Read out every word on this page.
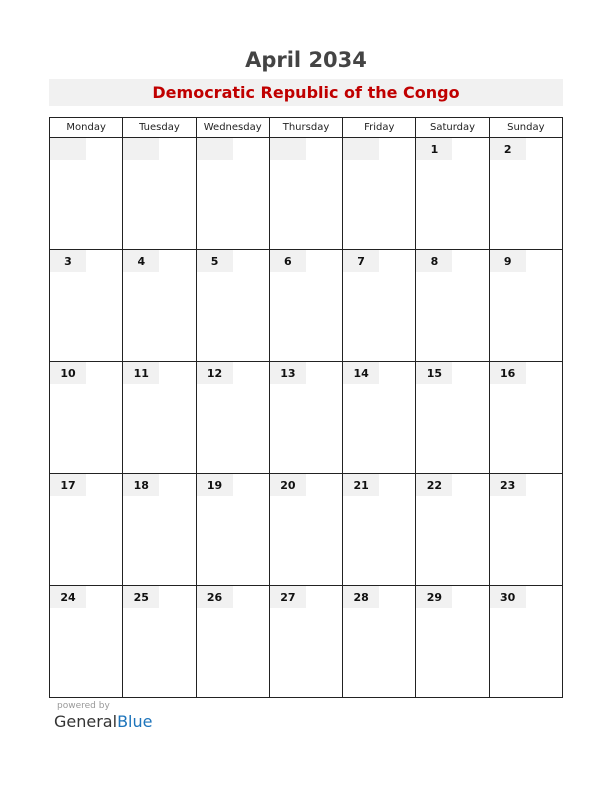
April 2034
Democratic Republic of the Congo
Monday	Tuesday	Wednesday	Thursday	Friday	Saturday	Sunday

					1	2

3	4	5	6	7	8	9

10	11	12	13	14	15	16

17	18	19	20	21	22	23

24	25	26	27	28	29	30
powered by
GeneralBlue
